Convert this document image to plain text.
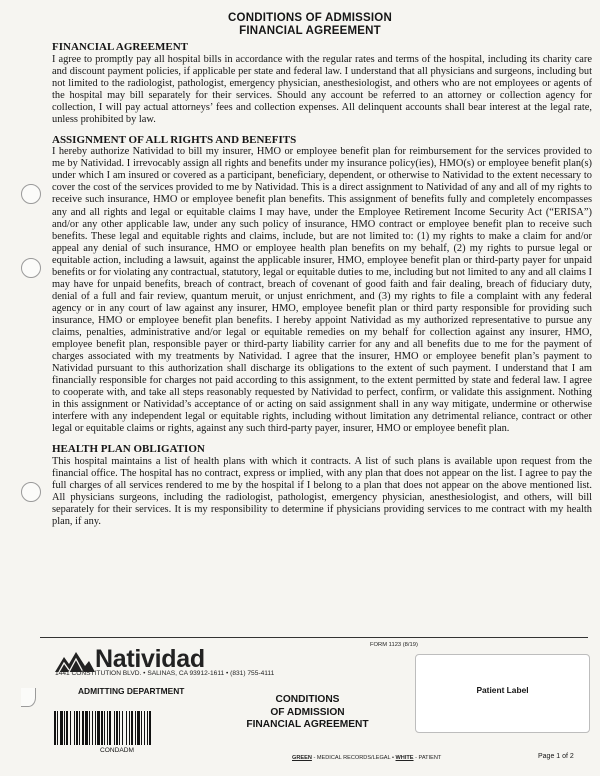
CONDITIONS OF ADMISSION
FINANCIAL AGREEMENT

FINANCIAL AGREEMENT

I agree to promptly pay all hospital bills in accordance with the regular rates and terms of the hospital, including its charity care and discount payment policies, if applicable per state and federal law. I understand that all physicians and surgeons, including but not limited to the radiologist, pathologist, emergency physician, anesthesiologist, and others who are not employees or agents of the hospital may bill separately for their services. Should any account be referred to an attorney or collection agency for collection, I will pay actual attorneys’ fees and collection expenses. All delinquent accounts shall bear interest at the legal rate, unless prohibited by law.

ASSIGNMENT OF ALL RIGHTS AND BENEFITS

I hereby authorize Natividad to bill my insurer, HMO or employee benefit plan for reimbursement for the services provided to me by Natividad. I irrevocably assign all rights and benefits under my insurance policy(ies), HMO(s) or employee benefit plan(s) under which I am insured or covered as a participant, beneficiary, dependent, or otherwise to Natividad to the extent necessary to cover the cost of the services provided to me by Natividad. This is a direct assignment to Natividad of any and all of my rights to receive such insurance, HMO or employee benefit plan benefits. This assignment of benefits fully and completely encompasses any and all rights and legal or equitable claims I may have, under the Employee Retirement Income Security Act (“ERISA”) and/or any other applicable law, under any such policy of insurance, HMO contract or employee benefit plan to receive such benefits. These legal and equitable rights and claims, include, but are not limited to: (1) my rights to make a claim for and/or appeal any denial of such insurance, HMO or employee health plan benefits on my behalf, (2) my rights to pursue legal or equitable action, including a lawsuit, against the applicable insurer, HMO, employee benefit plan or third-party payer for unpaid benefits or for violating any contractual, statutory, legal or equitable duties to me, including but not limited to any and all claims I may have for unpaid benefits, breach of contract, breach of covenant of good faith and fair dealing, breach of fiduciary duty, denial of a full and fair review, quantum meruit, or unjust enrichment, and (3) my rights to file a complaint with any federal agency or in any court of law against any insurer, HMO, employee benefit plan or third party responsible for providing such insurance, HMO or employee benefit plan benefits. I hereby appoint Natividad as my authorized representative to pursue any claims, penalties, administrative and/or legal or equitable remedies on my behalf for collection against any insurer, HMO, employee benefit plan, responsible payer or third-party liability carrier for any and all benefits due to me for the payment of charges associated with my treatments by Natividad. I agree that the insurer, HMO or employee benefit plan’s payment to Natividad pursuant to this authorization shall discharge its obligations to the extent of such payment. I understand that I am financially responsible for charges not paid according to this assignment, to the extent permitted by state and federal law. I agree to cooperate with, and take all steps reasonably requested by Natividad to perfect, confirm, or validate this assignment. Nothing in this assignment or Natividad’s acceptance of or acting on said assignment shall in any way mitigate, undermine or otherwise interfere with any independent legal or equitable rights, including without limitation any detrimental reliance, contract or other legal or equitable claims or rights, against any such third-party payer, insurer, HMO or employee benefit plan.

HEALTH PLAN OBLIGATION

This hospital maintains a list of health plans with which it contracts. A list of such plans is available upon request from the financial office. The hospital has no contract, express or implied, with any plan that does not appear on the list. I agree to pay the full charges of all services rendered to me by the hospital if I belong to a plan that does not appear on the above mentioned list. All physicians surgeons, including the radiologist, pathologist, emergency physician, anesthesiologist, and others, will bill separately for their services. It is my responsibility to determine if physicians providing services to me contract with my health plan, if any.

Natividad
1441 CONSTITUTION BLVD. • SALINAS, CA 93912-1611 • (831) 755-4111
ADMITTING DEPARTMENT
FORM 1123 (8/19)
CONDITIONS
OF ADMISSION
FINANCIAL AGREEMENT
Patient Label
CONDADM
GREEN - MEDICAL RECORDS/LEGAL • WHITE - PATIENT	Page 1 of 2
